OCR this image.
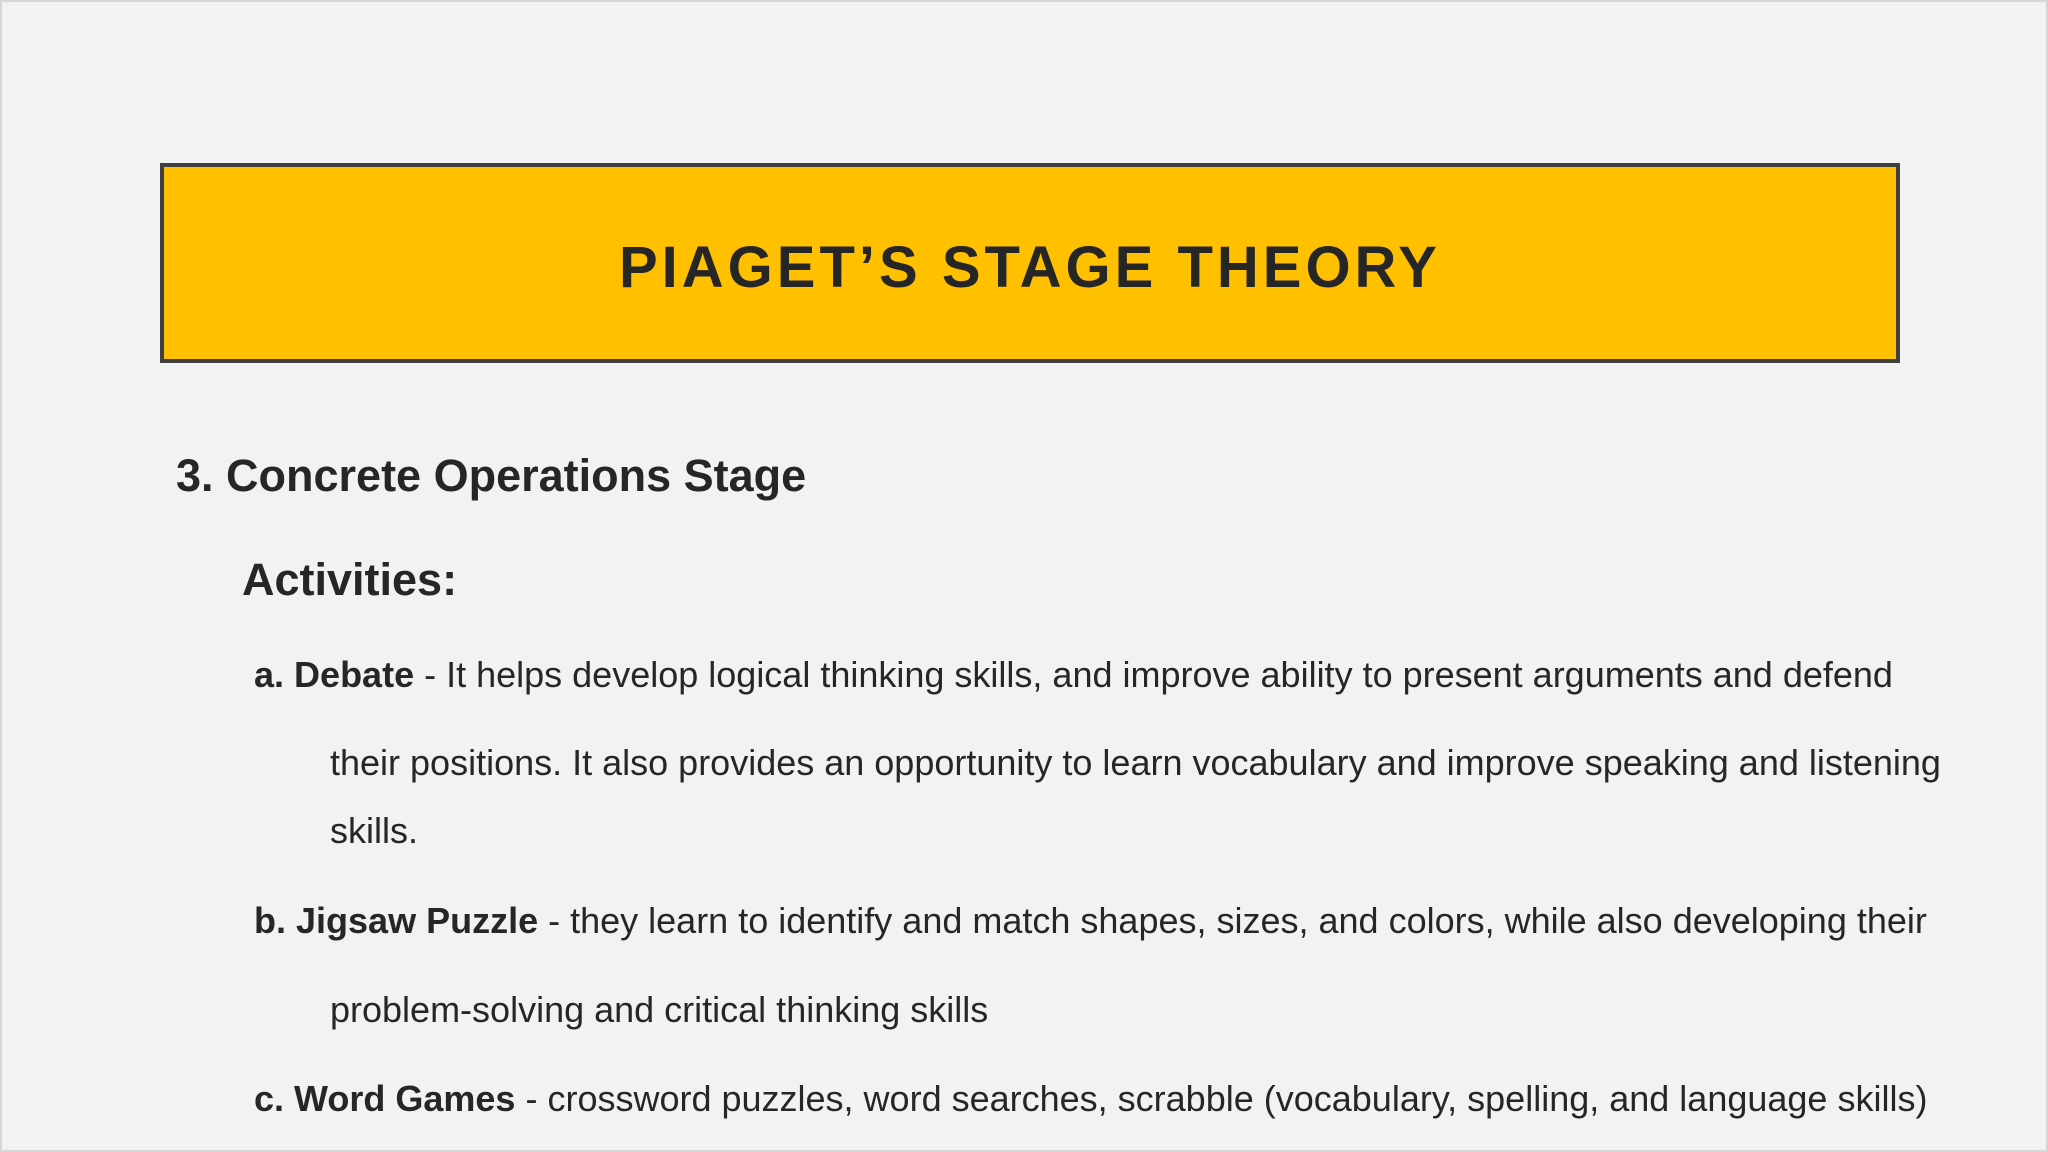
PIAGET’S STAGE THEORY
3. Concrete Operations Stage
Activities:
a. Debate - It helps develop logical thinking skills, and improve ability to present arguments and defend
their positions. It also provides an opportunity to learn vocabulary and improve speaking and listening
skills.
b. Jigsaw Puzzle - they learn to identify and match shapes, sizes, and colors, while also developing their
problem-solving and critical thinking skills
c. Word Games - crossword puzzles, word searches, scrabble (vocabulary, spelling, and language skills)
